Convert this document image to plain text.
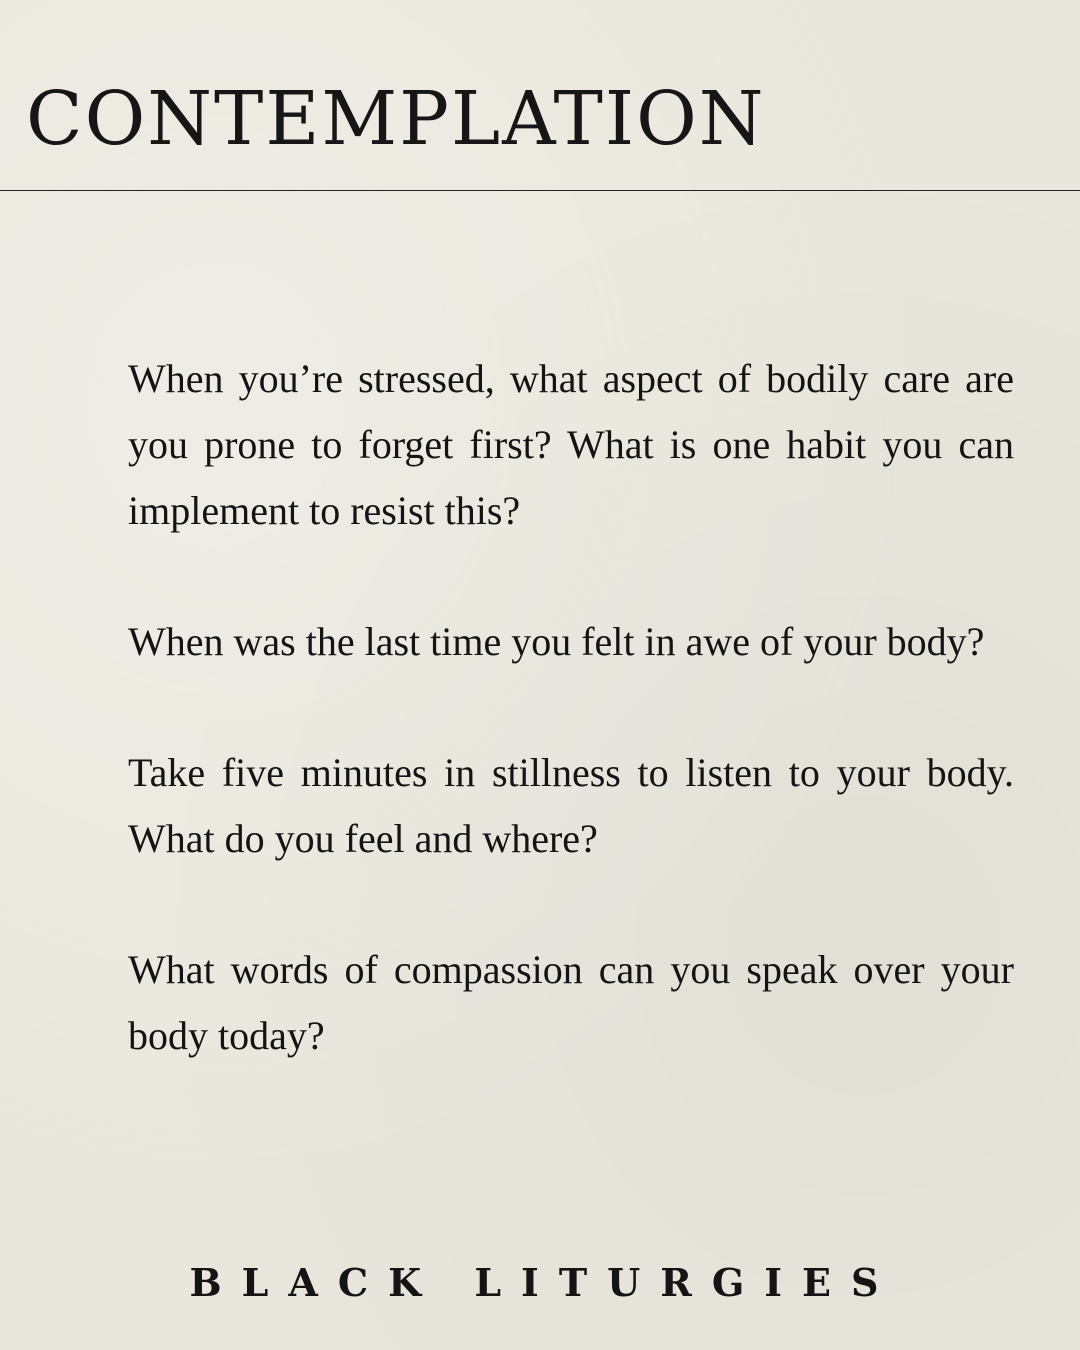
CONTEMPLATION
When you’re stressed, what aspect of bodily care are you prone to forget first? What is one habit you can implement to resist this?
When was the last time you felt in awe of your body?
Take five minutes in stillness to listen to your body. What do you feel and where?
What words of compassion can you speak over your body today?
BLACK LITURGIES
